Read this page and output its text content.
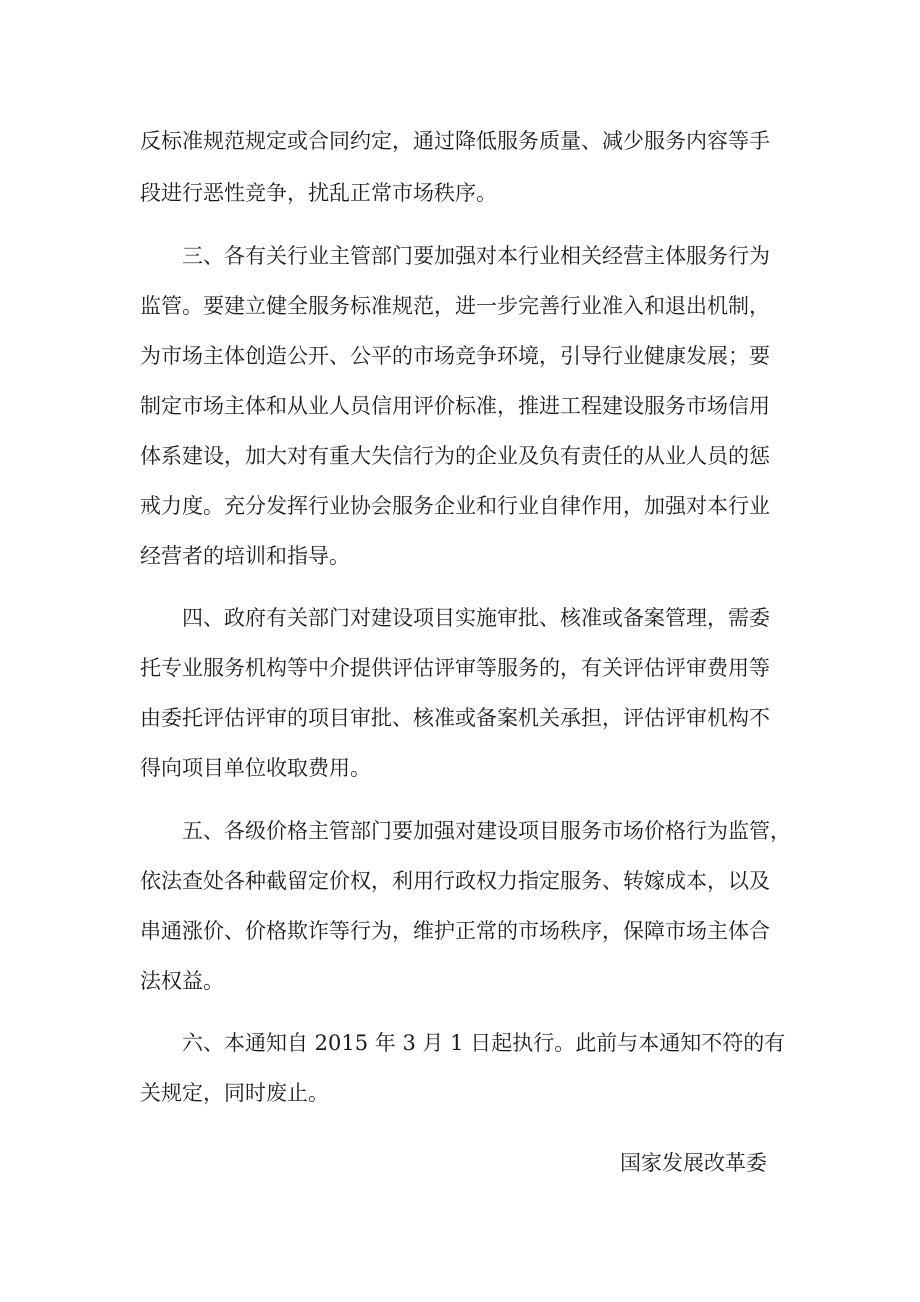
反标准规范规定或合同约定，通过降低服务质量、减少服务内容等手
段进行恶性竞争，扰乱正常市场秩序。
三、各有关行业主管部门要加强对本行业相关经营主体服务行为
监管。要建立健全服务标准规范，进一步完善行业准入和退出机制，
为市场主体创造公开、公平的市场竞争环境，引导行业健康发展；要
制定市场主体和从业人员信用评价标准，推进工程建设服务市场信用
体系建设，加大对有重大失信行为的企业及负有责任的从业人员的惩
戒力度。充分发挥行业协会服务企业和行业自律作用，加强对本行业
经营者的培训和指导。
四、政府有关部门对建设项目实施审批、核准或备案管理，需委
托专业服务机构等中介提供评估评审等服务的，有关评估评审费用等
由委托评估评审的项目审批、核准或备案机关承担，评估评审机构不
得向项目单位收取费用。
五、各级价格主管部门要加强对建设项目服务市场价格行为监管，
依法查处各种截留定价权，利用行政权力指定服务、转嫁成本，以及
串通涨价、价格欺诈等行为，维护正常的市场秩序，保障市场主体合
法权益。
六、本通知自 2015 年 3 月 1 日起执行。此前与本通知不符的有
关规定，同时废止。
国家发展改革委
